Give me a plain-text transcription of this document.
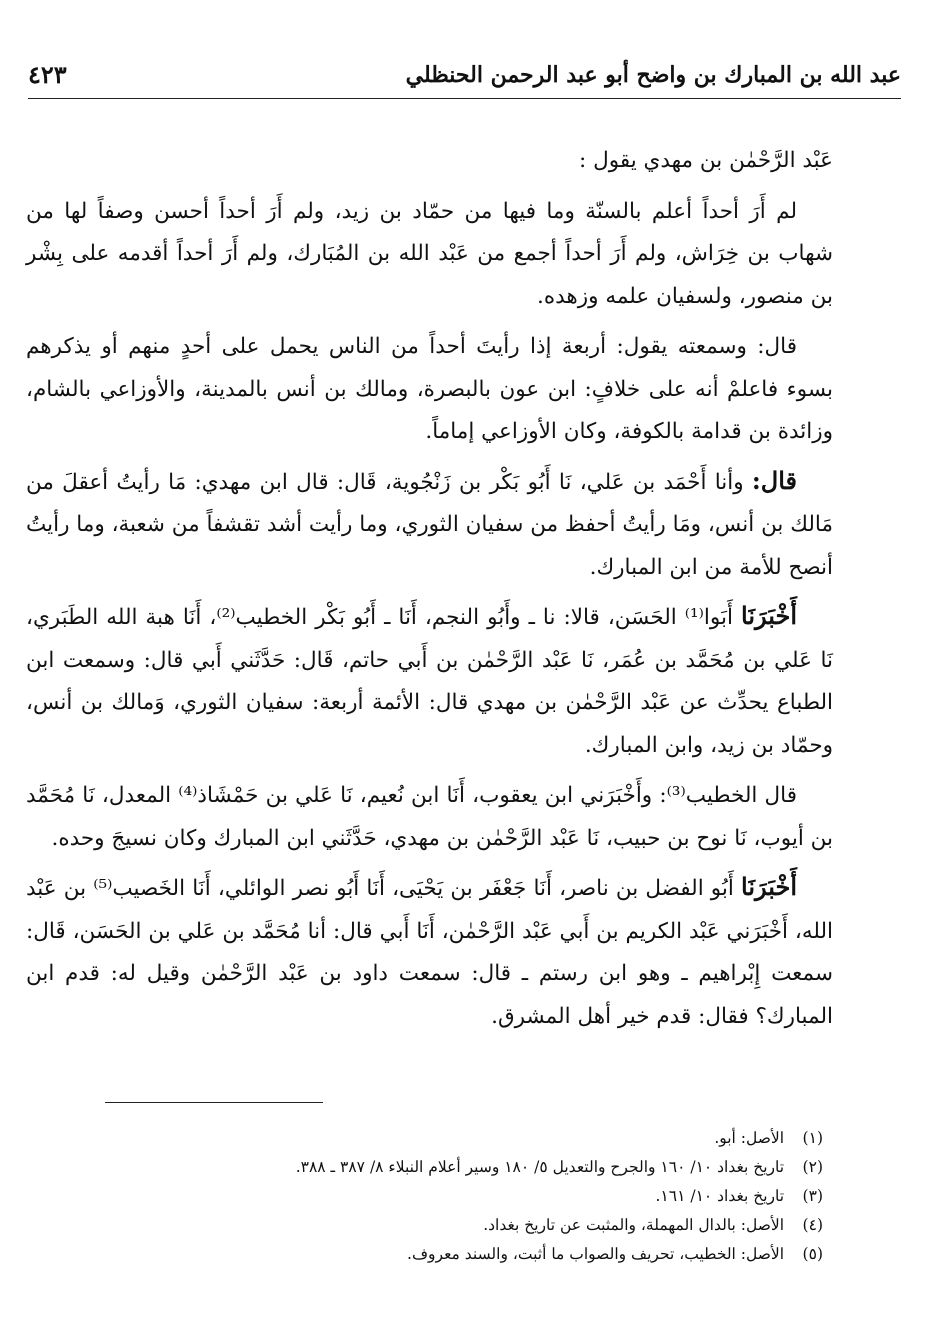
عبد الله بن المبارك بن واضح أبو عبد الرحمن الحنظلي
٤٢٣

عَبْد الرَّحْمٰن بن مهدي يقول :

لم أَرَ أحداً أعلم بالسنّة وما فيها من حمّاد بن زيد، ولم أَرَ أحداً أحسن وصفاً لها من شهاب بن خِرَاش، ولم أَرَ أحداً أجمع من عَبْد الله بن المُبَارك، ولم أَرَ أحداً أقدمه على بِشْر بن منصور، ولسفيان علمه وزهده.

قال: وسمعته يقول: أربعة إذا رأيتَ أحداً من الناس يحمل على أحدٍ منهم أو يذكرهم بسوء فاعلمْ أنه على خلافٍ: ابن عون بالبصرة، ومالك بن أنس بالمدينة، والأوزاعي بالشام، وزائدة بن قدامة بالكوفة، وكان الأوزاعي إماماً.

قال: وأنا أَحْمَد بن عَلي، نَا أَبُو بَكْر بن زَنْجُوية، قَال: قال ابن مهدي: مَا رأيتُ أعقلَ من مَالك بن أنس، ومَا رأيتُ أحفظ من سفيان الثوري، وما رأيت أشد تقشفاً من شعبة، وما رأيتُ أنصح للأمة من ابن المبارك.

أَخْبَرَنَا أَبَوا⁽¹⁾ الحَسَن، قالا: نا ـ وأَبُو النجم، أَنَا ـ أَبُو بَكْر الخطيب⁽²⁾، أَنَا هبة الله الطَبَري، نَا عَلي بن مُحَمَّد بن عُمَر، نَا عَبْد الرَّحْمٰن بن أَبي حاتم، قَال: حَدَّثَني أَبي قال: وسمعت ابن الطباع يحدِّث عن عَبْد الرَّحْمٰن بن مهدي قال: الأئمة أربعة: سفيان الثوري، وَمالك بن أنس، وحمّاد بن زيد، وابن المبارك.

قال الخطيب⁽³⁾: وأَخْبَرَني ابن يعقوب، أَنَا ابن نُعيم، نَا عَلي بن حَمْشَاذ⁽⁴⁾ المعدل، نَا مُحَمَّد بن أيوب، نَا نوح بن حبيب، نَا عَبْد الرَّحْمٰن بن مهدي، حَدَّثَني ابن المبارك وكان نسيجَ وحده.

أَخْبَرَنَا أَبُو الفضل بن ناصر، أَنَا جَعْفَر بن يَحْيَى، أَنَا أَبُو نصر الوائلي، أَنَا الخَصيب⁽⁵⁾ بن عَبْد الله، أَخْبَرَني عَبْد الكريم بن أَبي عَبْد الرَّحْمٰن، أَنَا أَبي قال: أنا مُحَمَّد بن عَلي بن الحَسَن، قَال: سمعت إِبْراهيم ـ وهو ابن رستم ـ قال: سمعت داود بن عَبْد الرَّحْمٰن وقيل له: قدم ابن المبارك؟ فقال: قدم خير أهل المشرق.

(١) الأصل: أبو.
(٢) تاريخ بغداد ١٠/ ١٦٠ والجرح والتعديل ٥/ ١٨٠ وسير أعلام النبلاء ٨/ ٣٨٧ ـ ٣٨٨.
(٣) تاريخ بغداد ١٠/ ١٦١.
(٤) الأصل: بالدال المهملة، والمثبت عن تاريخ بغداد.
(٥) الأصل: الخطيب، تحريف والصواب ما أثبت، والسند معروف.
